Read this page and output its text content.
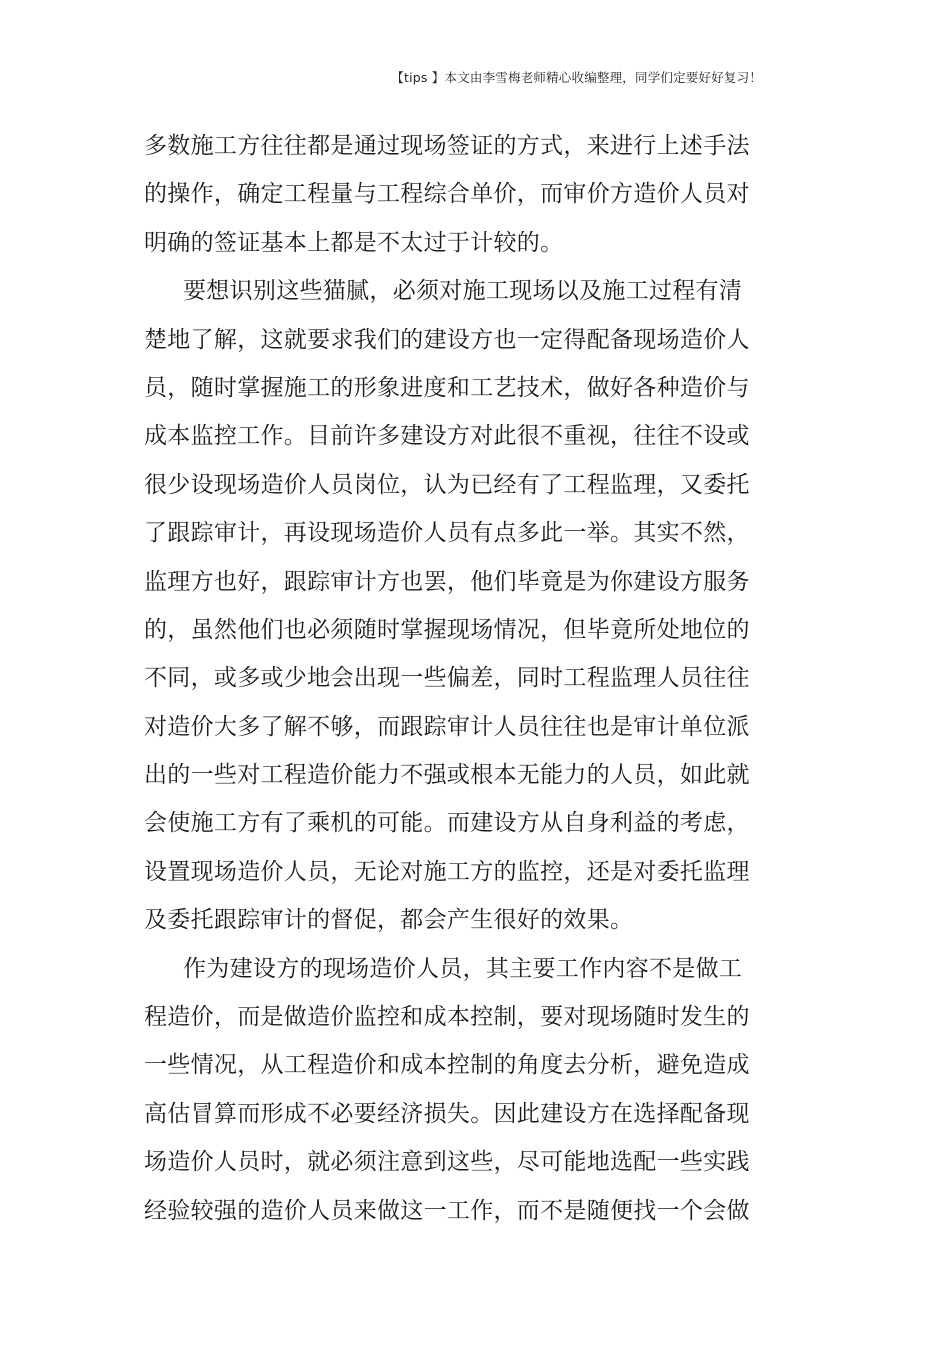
【tips 】本文由李雪梅老师精心收编整理，同学们定要好好复习！
多数施工方往往都是通过现场签证的方式，来进行上述手法
的操作，确定工程量与工程综合单价，而审价方造价人员对
明确的签证基本上都是不太过于计较的。
要想识别这些猫腻，必须对施工现场以及施工过程有清
楚地了解，这就要求我们的建设方也一定得配备现场造价人
员，随时掌握施工的形象进度和工艺技术，做好各种造价与
成本监控工作。目前许多建设方对此很不重视，往往不设或
很少设现场造价人员岗位，认为已经有了工程监理，又委托
了跟踪审计，再设现场造价人员有点多此一举。其实不然，
监理方也好，跟踪审计方也罢，他们毕竟是为你建设方服务
的，虽然他们也必须随时掌握现场情况，但毕竟所处地位的
不同，或多或少地会出现一些偏差，同时工程监理人员往往
对造价大多了解不够，而跟踪审计人员往往也是审计单位派
出的一些对工程造价能力不强或根本无能力的人员，如此就
会使施工方有了乘机的可能。而建设方从自身利益的考虑，
设置现场造价人员，无论对施工方的监控，还是对委托监理
及委托跟踪审计的督促，都会产生很好的效果。
作为建设方的现场造价人员，其主要工作内容不是做工
程造价，而是做造价监控和成本控制，要对现场随时发生的
一些情况，从工程造价和成本控制的角度去分析，避免造成
高估冒算而形成不必要经济损失。因此建设方在选择配备现
场造价人员时，就必须注意到这些，尽可能地选配一些实践
经验较强的造价人员来做这一工作，而不是随便找一个会做
